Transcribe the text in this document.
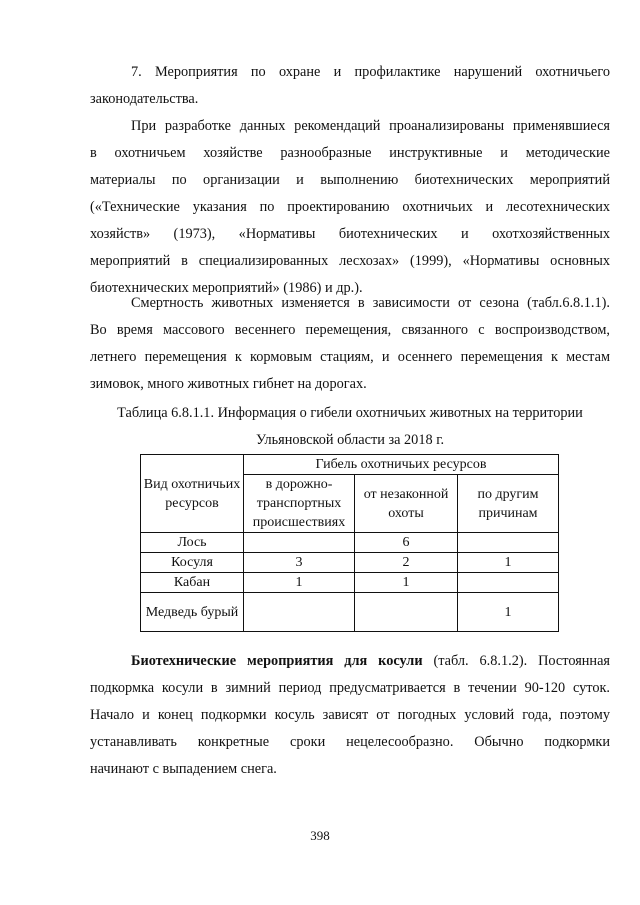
7. Мероприятия по охране и профилактике нарушений охотничьего
законодательства.
При разработке данных рекомендаций проанализированы применявшиеся
в охотничьем хозяйстве разнообразные инструктивные и методические
материалы по организации и выполнению биотехнических мероприятий
(«Технические указания по проектированию охотничьих и лесотехнических
хозяйств» (1973), «Нормативы биотехнических и охотхозяйственных
мероприятий в специализированных лесхозах» (1999), «Нормативы основных
биотехнических мероприятий» (1986) и др.).
Смертность животных изменяется в зависимости от сезона (табл.6.8.1.1).
Во время массового весеннего перемещения, связанного с воспроизводством,
летнего перемещения к кормовым стациям, и осеннего перемещения к местам
зимовок, много животных гибнет на дорогах.
Таблица 6.8.1.1. Информация о гибели охотничьих животных на территории
Ульяновской области за 2018 г.
Вид охотничьих ресурсов	Гибель охотничьих ресурсов		
	в дорожно-транспортных происшествиях	от незаконной охоты	по другим причинам
Лось		6	
Косуля	3	2	1
Кабан	1	1	
Медведь бурый			1
Биотехнические мероприятия для косули (табл. 6.8.1.2). Постоянная
подкормка косули в зимний период предусматривается в течении 90-120 суток.
Начало и конец подкормки косуль зависят от погодных условий года, поэтому
устанавливать конкретные сроки нецелесообразно. Обычно подкормки
начинают с выпадением снега.
398
